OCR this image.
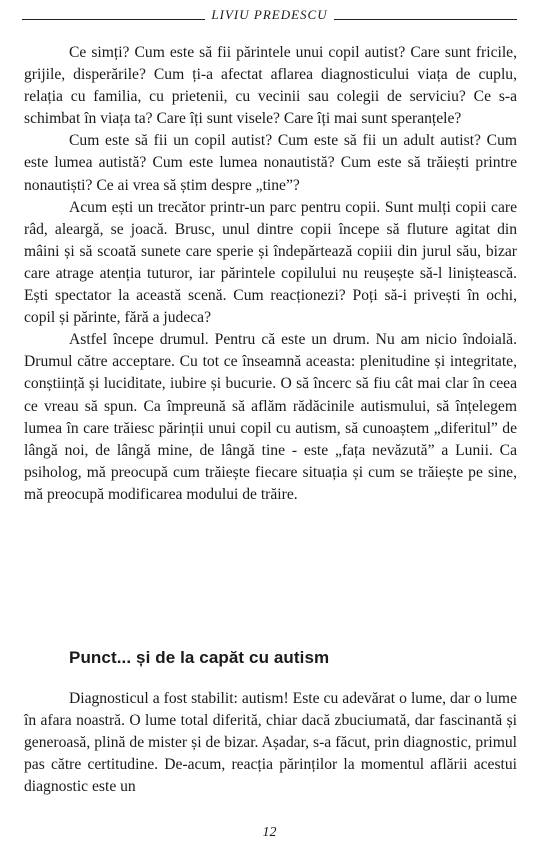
LIVIU PREDESCU

Ce simți? Cum este să fii părintele unui copil autist? Care sunt fricile, grijile, disperările? Cum ți-a afectat aflarea diagnosticului viața de cuplu, relația cu familia, cu prietenii, cu vecinii sau colegii de serviciu? Ce s-a schimbat în viața ta? Care îți sunt visele? Care îți mai sunt speranțele?

Cum este să fii un copil autist? Cum este să fii un adult autist? Cum este lumea autistă? Cum este lumea nonautistă? Cum este să trăiești printre nonautiști? Ce ai vrea să știm despre „tine”?

Acum ești un trecător printr-un parc pentru copii. Sunt mulți copii care râd, aleargă, se joacă. Brusc, unul dintre copii începe să fluture agitat din mâini și să scoată sunete care sperie și îndepărtează copiii din jurul său, bizar care atrage atenția tuturor, iar părintele copilului nu reușește să-l liniștească. Ești spectator la această scenă. Cum reacționezi? Poți să-i privești în ochi, copil și părinte, fără a judeca?

Astfel începe drumul. Pentru că este un drum. Nu am nicio îndoială. Drumul către acceptare. Cu tot ce înseamnă aceasta: plenitudine și integritate, conștiință și luciditate, iubire și bucurie. O să încerc să fiu cât mai clar în ceea ce vreau să spun. Ca împreună să aflăm rădăcinile autismului, să înțelegem lumea în care trăiesc părinții unui copil cu autism, să cunoaștem „diferitul” de lângă noi, de lângă mine, de lângă tine - este „fața nevăzută” a Lunii. Ca psiholog, mă preocupă cum trăiește fiecare situația și cum se trăiește pe sine, mă preocupă modificarea modului de trăire.

Punct... și de la capăt cu autism

Diagnosticul a fost stabilit: autism! Este cu adevărat o lume, dar o lume în afara noastră. O lume total diferită, chiar dacă zbuciumată, dar fascinantă și generoasă, plină de mister și de bizar. Așadar, s-a făcut, prin diagnostic, primul pas către certitudine. De-acum, reacția părinților la momentul aflării acestui diagnostic este un

12
